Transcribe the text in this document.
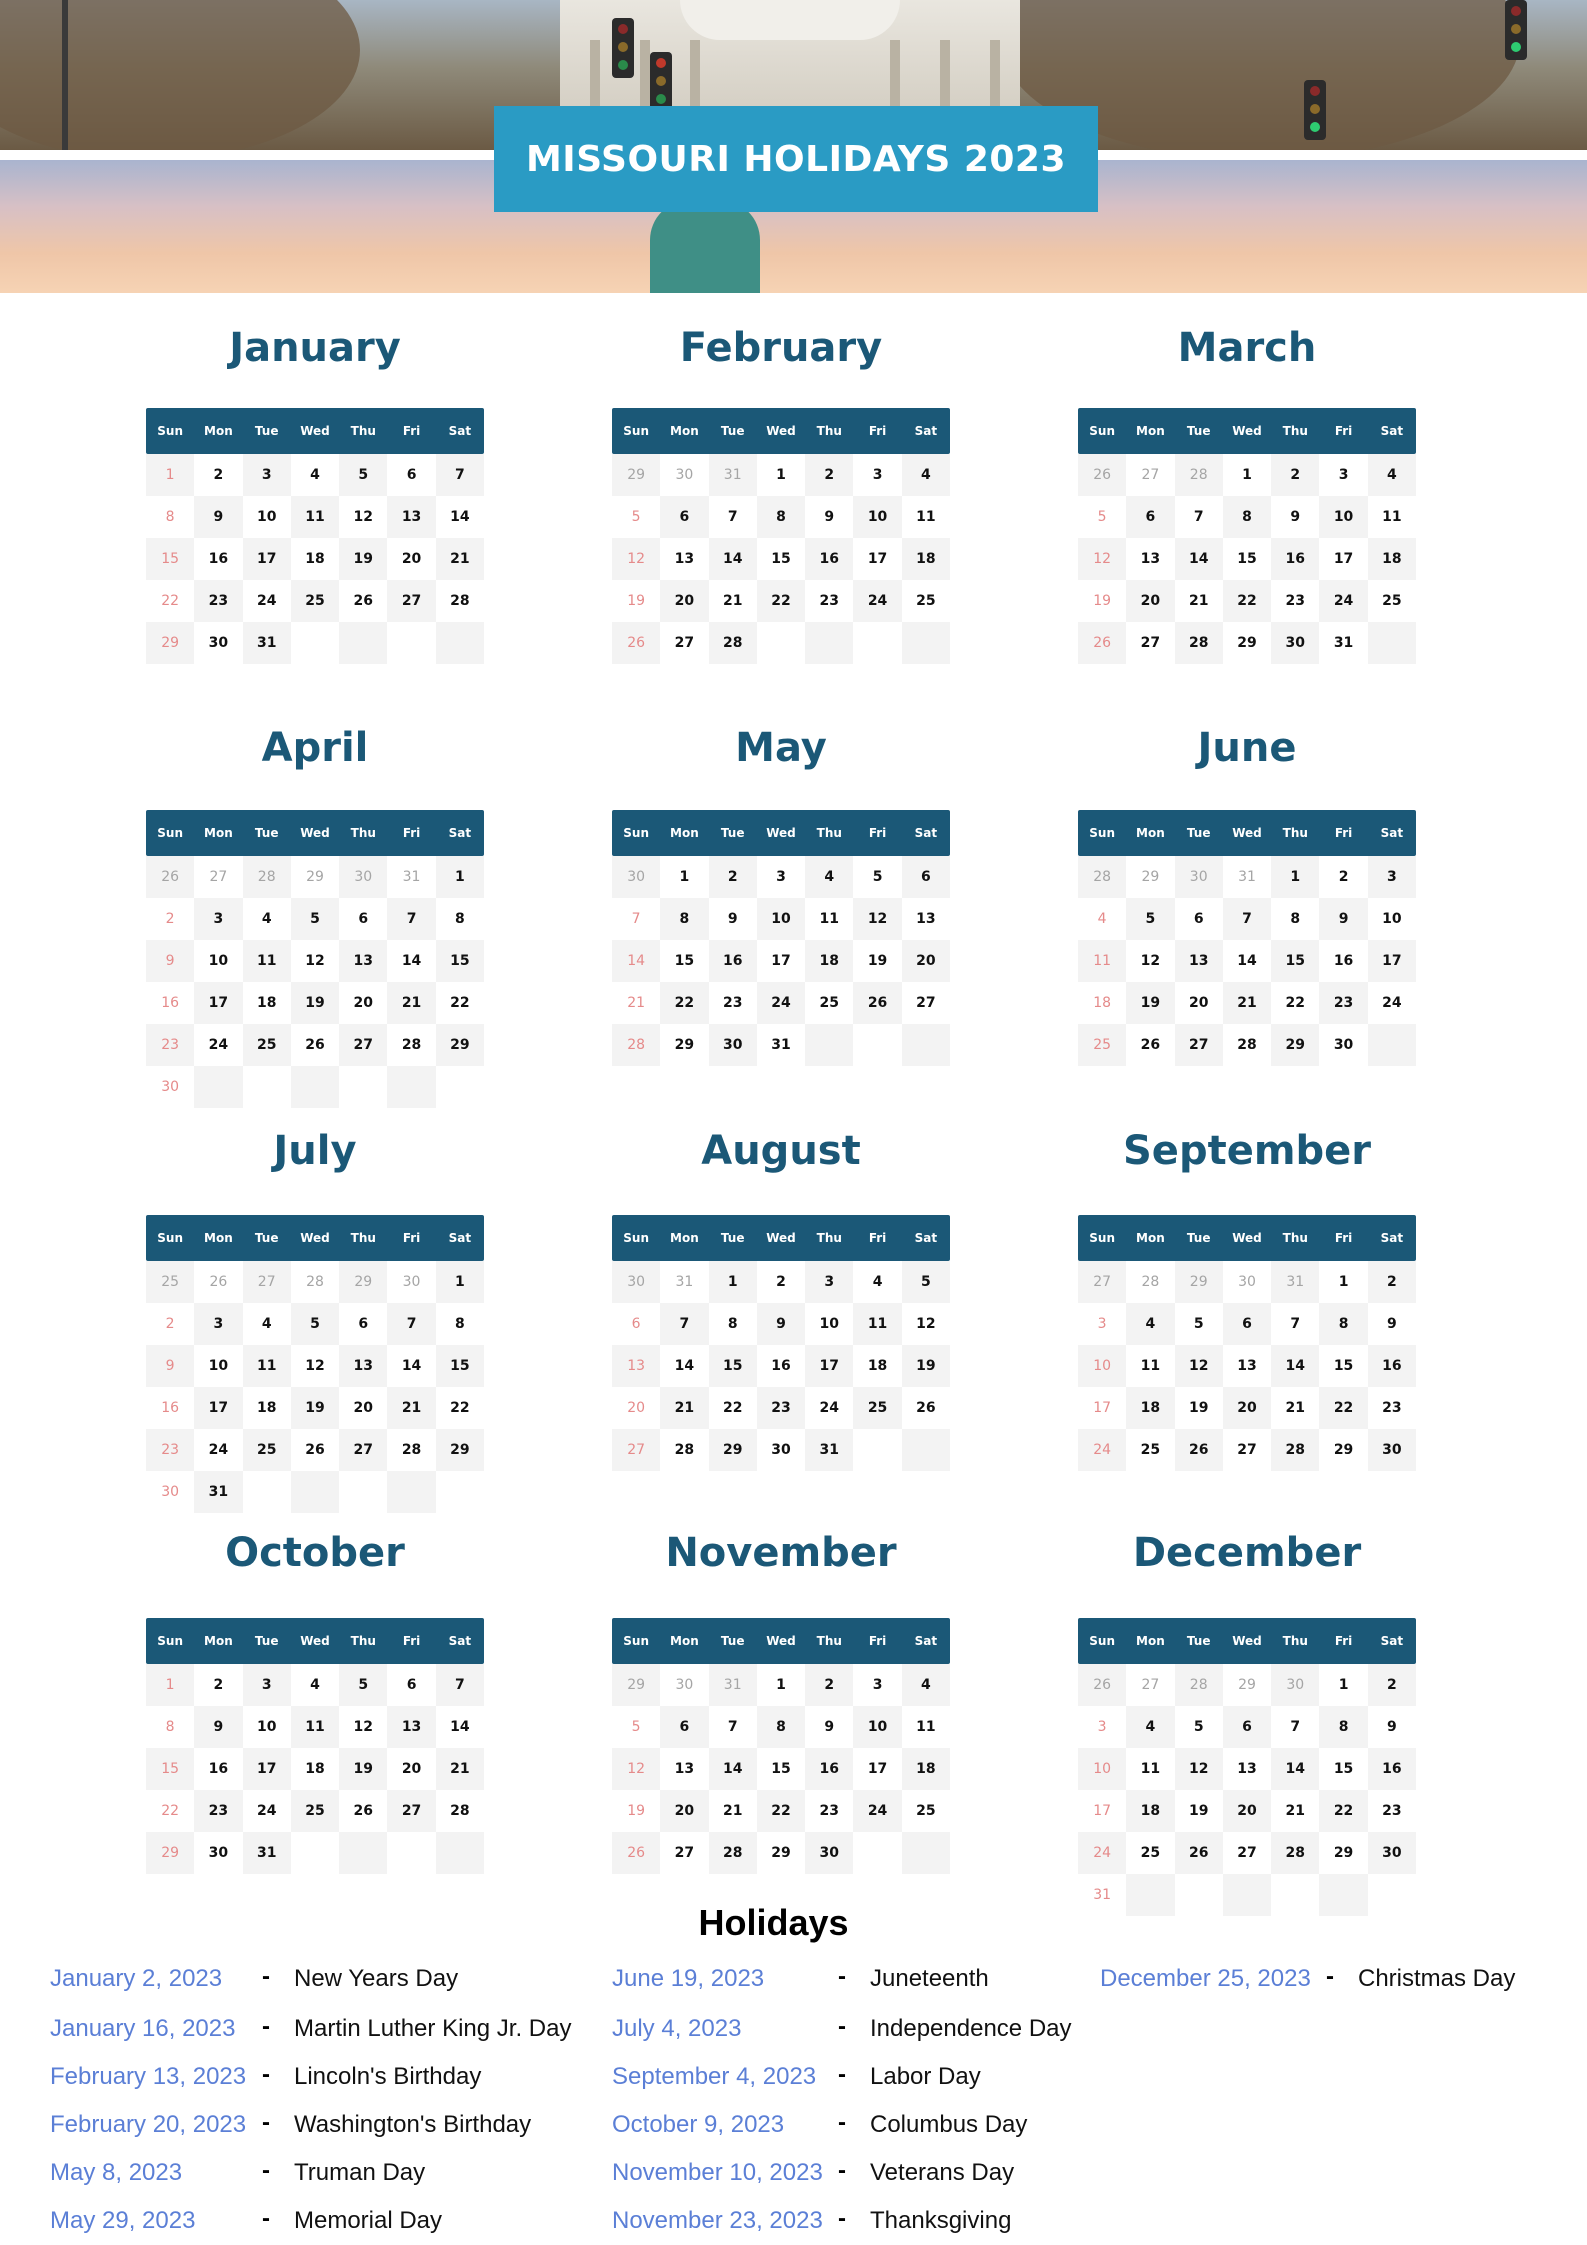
MISSOURI HOLIDAYS 2023
January
Sun	Mon	Tue	Wed	Thu	Fri	Sat
1	2	3	4	5	6	7
8	9	10	11	12	13	14
15	16	17	18	19	20	21
22	23	24	25	26	27	28
29	30	31
February
Sun	Mon	Tue	Wed	Thu	Fri	Sat
29	30	31	1	2	3	4
5	6	7	8	9	10	11
12	13	14	15	16	17	18
19	20	21	22	23	24	25
26	27	28
March
Sun	Mon	Tue	Wed	Thu	Fri	Sat
26	27	28	1	2	3	4
5	6	7	8	9	10	11
12	13	14	15	16	17	18
19	20	21	22	23	24	25
26	27	28	29	30	31
April
Sun	Mon	Tue	Wed	Thu	Fri	Sat
26	27	28	29	30	31	1
2	3	4	5	6	7	8
9	10	11	12	13	14	15
16	17	18	19	20	21	22
23	24	25	26	27	28	29
30
May
Sun	Mon	Tue	Wed	Thu	Fri	Sat
30	1	2	3	4	5	6
7	8	9	10	11	12	13
14	15	16	17	18	19	20
21	22	23	24	25	26	27
28	29	30	31
June
Sun	Mon	Tue	Wed	Thu	Fri	Sat
28	29	30	31	1	2	3
4	5	6	7	8	9	10
11	12	13	14	15	16	17
18	19	20	21	22	23	24
25	26	27	28	29	30
July
Sun	Mon	Tue	Wed	Thu	Fri	Sat
25	26	27	28	29	30	1
2	3	4	5	6	7	8
9	10	11	12	13	14	15
16	17	18	19	20	21	22
23	24	25	26	27	28	29
30	31
August
Sun	Mon	Tue	Wed	Thu	Fri	Sat
30	31	1	2	3	4	5
6	7	8	9	10	11	12
13	14	15	16	17	18	19
20	21	22	23	24	25	26
27	28	29	30	31
September
Sun	Mon	Tue	Wed	Thu	Fri	Sat
27	28	29	30	31	1	2
3	4	5	6	7	8	9
10	11	12	13	14	15	16
17	18	19	20	21	22	23
24	25	26	27	28	29	30
October
Sun	Mon	Tue	Wed	Thu	Fri	Sat
1	2	3	4	5	6	7
8	9	10	11	12	13	14
15	16	17	18	19	20	21
22	23	24	25	26	27	28
29	30	31
November
Sun	Mon	Tue	Wed	Thu	Fri	Sat
29	30	31	1	2	3	4
5	6	7	8	9	10	11
12	13	14	15	16	17	18
19	20	21	22	23	24	25
26	27	28	29	30
December
Sun	Mon	Tue	Wed	Thu	Fri	Sat
26	27	28	29	30	1	2
3	4	5	6	7	8	9
10	11	12	13	14	15	16
17	18	19	20	21	22	23
24	25	26	27	28	29	30
31
Holidays
January 2, 2023 - New Years Day
January 16, 2023 - Martin Luther King Jr. Day
February 13, 2023 - Lincoln's Birthday
February 20, 2023 - Washington's Birthday
May 8, 2023	- Truman Day
May 29, 2023	- Memorial Day
June 19, 2023	- Juneteenth
July 4, 2023	- Independence Day
September 4, 2023 - Labor Day
October 9, 2023 - Columbus Day
November 10, 2023 - Veterans Day
November 23, 2023 - Thanksgiving
December 25, 2023 - Christmas Day
